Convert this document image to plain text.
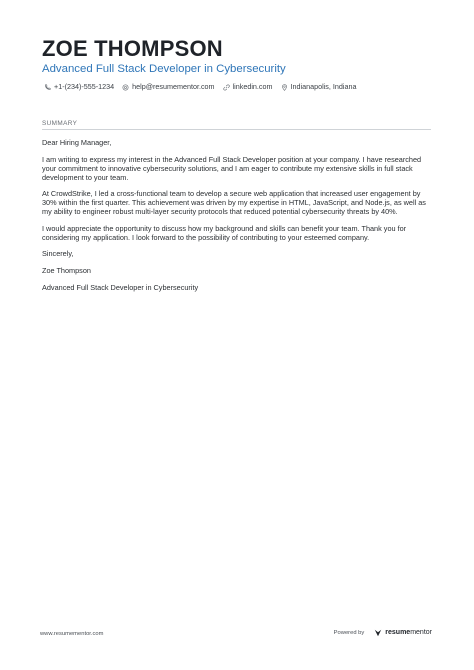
ZOE THOMPSON
Advanced Full Stack Developer in Cybersecurity
+1-(234)-555-1234	help@resumementor.com	linkedin.com	Indianapolis, Indiana
SUMMARY

Dear Hiring Manager,

I am writing to express my interest in the Advanced Full Stack Developer position at your company. I have researched your commitment to innovative cybersecurity solutions, and I am eager to contribute my extensive skills in full stack development to your team.

At CrowdStrike, I led a cross-functional team to develop a secure web application that increased user engagement by 30% within the first quarter. This achievement was driven by my expertise in HTML, JavaScript, and Node.js, as well as my ability to engineer robust multi-layer security protocols that reduced potential cybersecurity threats by 40%.

I would appreciate the opportunity to discuss how my background and skills can benefit your team. Thank you for considering my application. I look forward to the possibility of contributing to your esteemed company.

Sincerely,

Zoe Thompson

Advanced Full Stack Developer in Cybersecurity

www.resumementor.com	Powered by	resumementor
